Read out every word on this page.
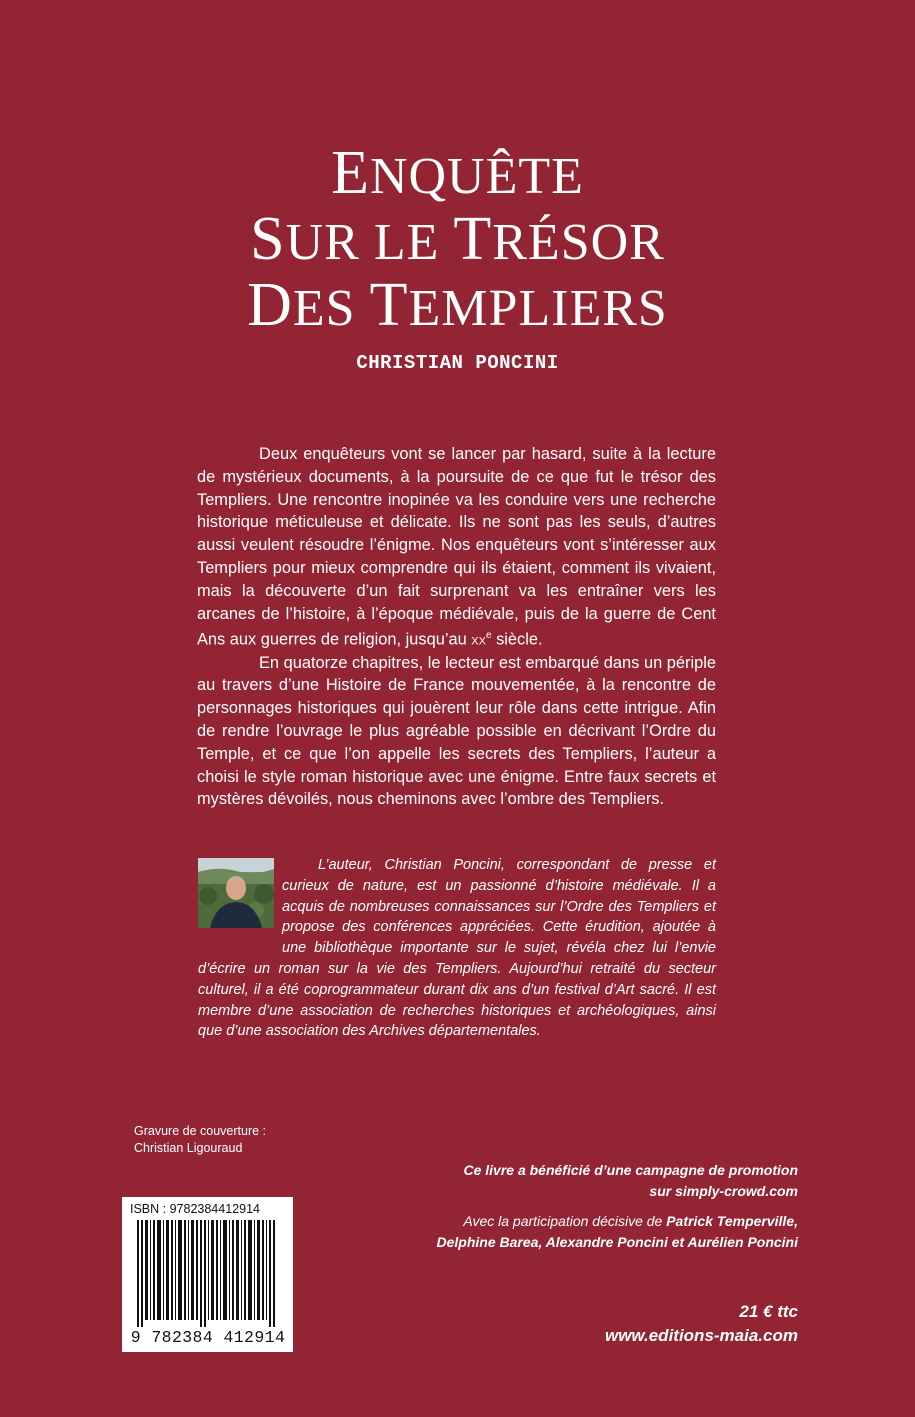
ENQUÊTE
SUR LE TRÉSOR
DES TEMPLIERS
CHRISTIAN PONCINI

Deux enquêteurs vont se lancer par hasard, suite à la lecture de mystérieux documents, à la poursuite de ce que fut le trésor des Templiers. Une rencontre inopinée va les conduire vers une recherche historique méticuleuse et délicate. Ils ne sont pas les seuls, d’autres aussi veulent résoudre l’énigme. Nos enquêteurs vont s’intéresser aux Templiers pour mieux comprendre qui ils étaient, comment ils vivaient, mais la découverte d’un fait surprenant va les entraîner vers les arcanes de l’histoire, à l’époque médiévale, puis de la guerre de Cent Ans aux guerres de religion, jusqu’au $xx^e$ siècle.

En quatorze chapitres, le lecteur est embarqué dans un périple au travers d’une Histoire de France mouvementée, à la rencontre de personnages historiques qui jouèrent leur rôle dans cette intrigue. Afin de rendre l’ouvrage le plus agréable possible en décrivant l’Ordre du Temple, et ce que l’on appelle les secrets des Templiers, l’auteur a choisi le style roman historique avec une énigme. Entre faux secrets et mystères dévoilés, nous cheminons avec l’ombre des Templiers.

L’auteur, Christian Poncini, correspondant de presse et curieux de nature, est un passionné d’histoire médiévale. Il a acquis de nombreuses connaissances sur l’Ordre des Templiers et propose des conférences appréciées. Cette érudition, ajoutée à une bibliothèque importante sur le sujet, révéla chez lui l’envie d’écrire un roman sur la vie des Templiers. Aujourd’hui retraité du secteur culturel, il a été coprogrammateur durant dix ans d’un festival d’Art sacré. Il est membre d’une association de recherches historiques et archéologiques, ainsi que d’une association des Archives départementales.

Gravure de couverture :
Christian Ligouraud
ISBN : 9782384412914
9 782384 412914
Ce livre a bénéficié d’une campagne de promotion
sur simply-crowd.com
Avec la participation décisive de Patrick Temperville,
Delphine Barea, Alexandre Poncini et Aurélien Poncini
21 € ttc
www.editions-maia.com
